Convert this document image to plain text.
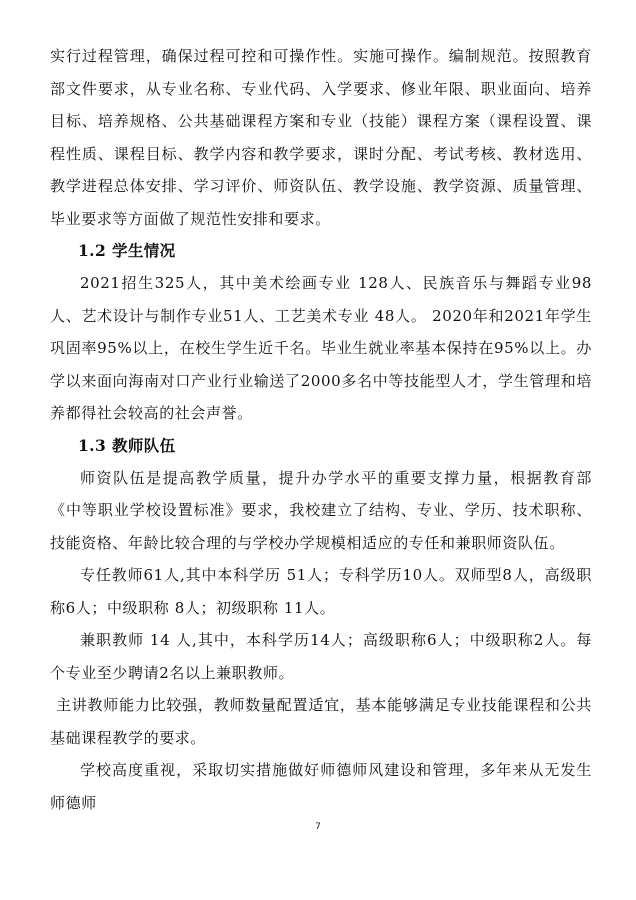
实行过程管理，确保过程可控和可操作性。实施可操作。编制规范。按照教育部文件要求，从专业名称、专业代码、入学要求、修业年限、职业面向、培养目标、培养规格、公共基础课程方案和专业（技能）课程方案（课程设置、课程性质、课程目标、教学内容和教学要求，课时分配、考试考核、教材选用、教学进程总体安排、学习评价、师资队伍、教学设施、教学资源、质量管理、毕业要求等方面做了规范性安排和要求。

1.2 学生情况

2021招生325人，其中美术绘画专业 128人、民族音乐与舞蹈专业98人、艺术设计与制作专业51人、工艺美术专业 48人。 2020年和2021年学生巩固率95%以上，在校生学生近千名。毕业生就业率基本保持在95%以上。办学以来面向海南对口产业行业输送了2000多名中等技能型人才，学生管理和培养都得社会较高的社会声誉。

1.3 教师队伍

师资队伍是提高教学质量，提升办学水平的重要支撑力量，根据教育部《中等职业学校设置标准》要求，我校建立了结构、专业、学历、技术职称、技能资格、年龄比较合理的与学校办学规模相适应的专任和兼职师资队伍。

专任教师61人,其中本科学历 51人；专科学历10人。双师型8人，高级职称6人；中级职称 8人；初级职称 11人。

兼职教师 14 人,其中，本科学历14人；高级职称6人；中级职称2人。每个专业至少聘请2名以上兼职教师。

主讲教师能力比较强，教师数量配置适宜，基本能够满足专业技能课程和公共基础课程教学的要求。

学校高度重视，采取切实措施做好师德师风建设和管理，多年来从无发生师德师

7
